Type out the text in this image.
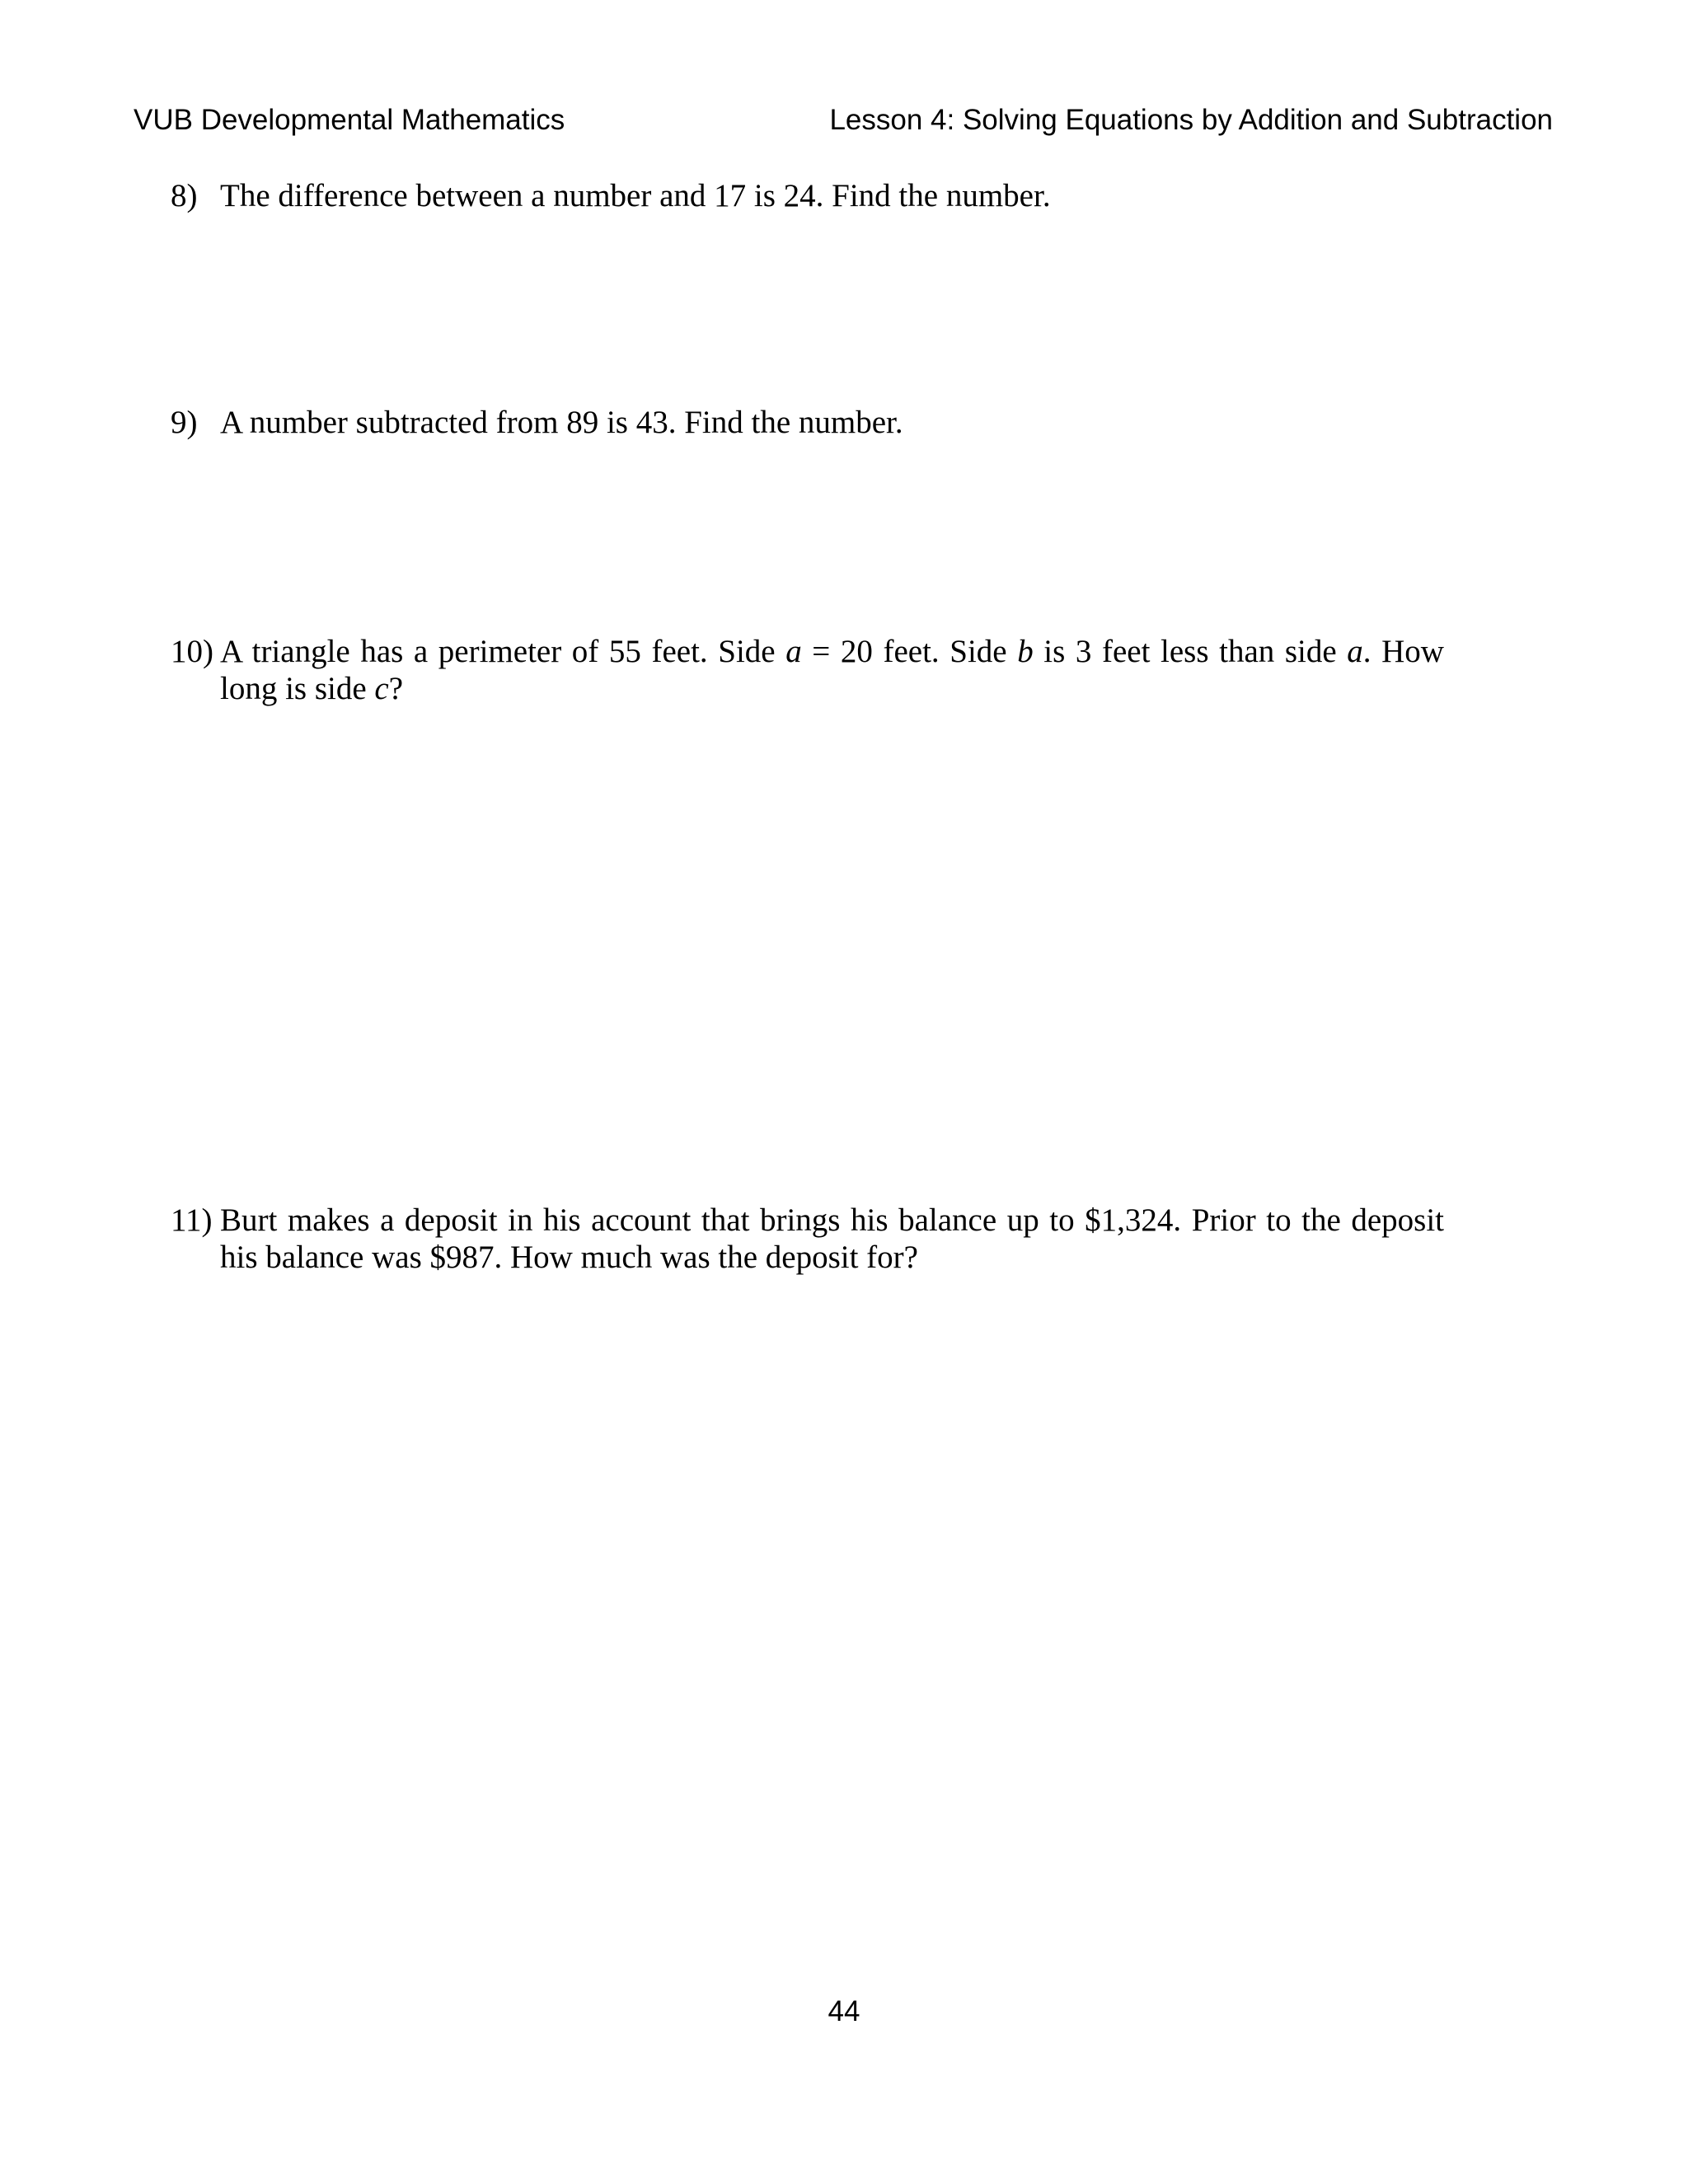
VUB Developmental Mathematics	Lesson 4: Solving Equations by Addition and Subtraction
8) The difference between a number and 17 is 24. Find the number.
9) A number subtracted from 89 is 43. Find the number.
10) A triangle has a perimeter of 55 feet. Side a = 20 feet. Side b is 3 feet less than side a. How long is side c?
11) Burt makes a deposit in his account that brings his balance up to $1,324. Prior to the deposit his balance was $987. How much was the deposit for?
44
